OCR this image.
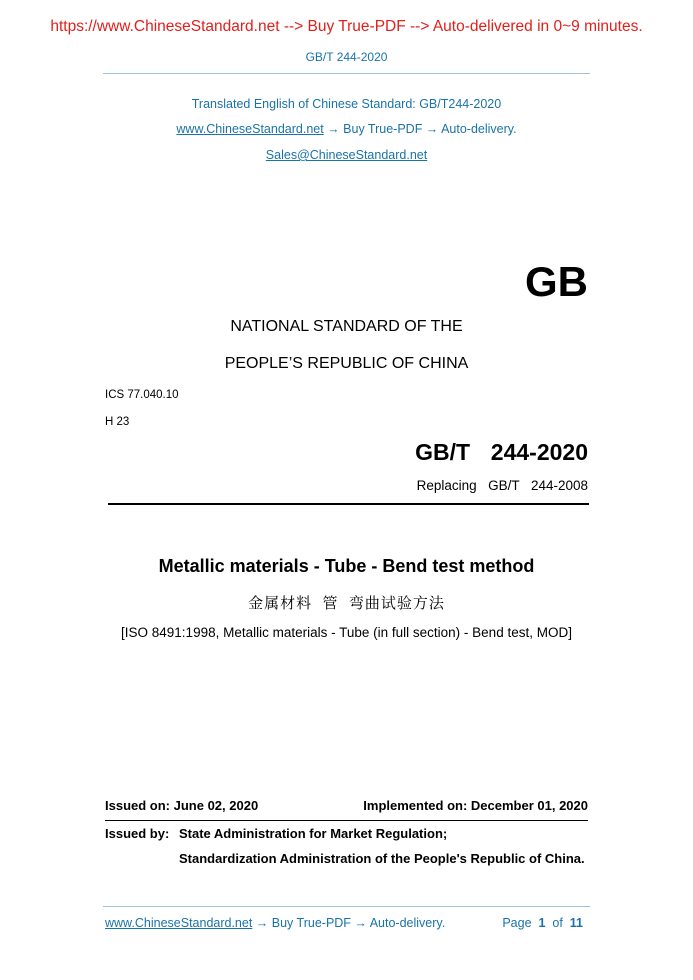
https://www.ChineseStandard.net --> Buy True-PDF --> Auto-delivered in 0~9 minutes.
GB/T 244-2020
Translated English of Chinese Standard: GB/T244-2020
www.ChineseStandard.net → Buy True-PDF → Auto-delivery.
Sales@ChineseStandard.net
GB
NATIONAL STANDARD OF THE
PEOPLE’S REPUBLIC OF CHINA
ICS 77.040.10
H 23
GB/T  244-2020
Replacing  GB/T  244-2008
Metallic materials - Tube - Bend test method
金属材料  管  弯曲试验方法
[ISO 8491:1998, Metallic materials - Tube (in full section) - Bend test, MOD]
Issued on: June 02, 2020	Implemented on: December 01, 2020
Issued by: State Administration for Market Regulation;
Standardization Administration of the People's Republic of China.
www.ChineseStandard.net → Buy True-PDF → Auto-delivery.	Page 1 of 11
